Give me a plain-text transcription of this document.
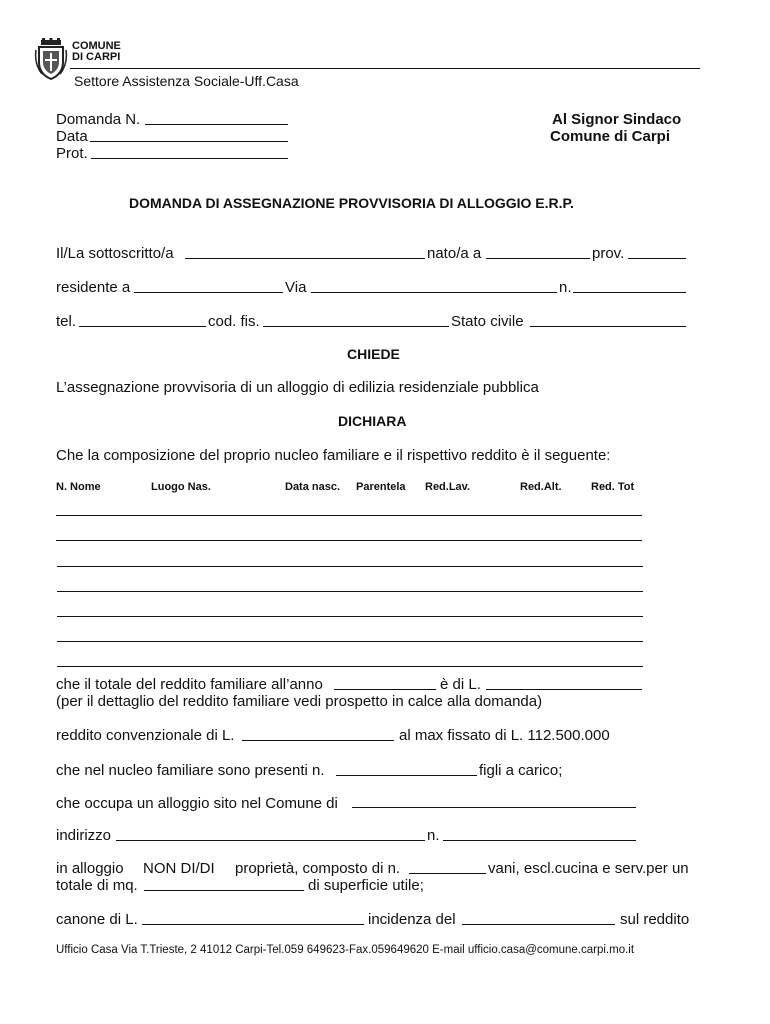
COMUNE
DI CARPI
Settore Assistenza Sociale-Uff.Casa
Domanda N.
Data
Prot.
Al Signor Sindaco
Comune di Carpi
DOMANDA DI ASSEGNAZIONE PROVVISORIA DI ALLOGGIO E.R.P.
Il/La sottoscritto/a	nato/a a	prov.
residente a	Via	n.
tel.	cod. fis.	Stato civile
CHIEDE
L’assegnazione provvisoria di un alloggio di edilizia residenziale pubblica
DICHIARA
Che la composizione del proprio nucleo familiare e il rispettivo reddito è il seguente:
N. Nome	Luogo Nas.	Data nasc. Parentela Red.Lav.	Red.Alt.	Red. Tot
che il totale del reddito familiare all’anno	è di L.
(per il dettaglio del reddito familiare vedi prospetto in calce alla domanda)
reddito convenzionale di L.	al max fissato di L. 112.500.000
che nel nucleo familiare sono presenti n.	figli a carico;
che occupa un alloggio sito nel Comune di
indirizzo	n.
in alloggio NON DI/DI proprietà, composto di n.	vani, escl.cucina e serv.per un
totale di mq.	di superficie utile;
canone di L.	incidenza del	sul reddito
Ufficio Casa Via T.Trieste, 2 41012 Carpi-Tel.059 649623-Fax.059649620 E-mail ufficio.casa@comune.carpi.mo.it
